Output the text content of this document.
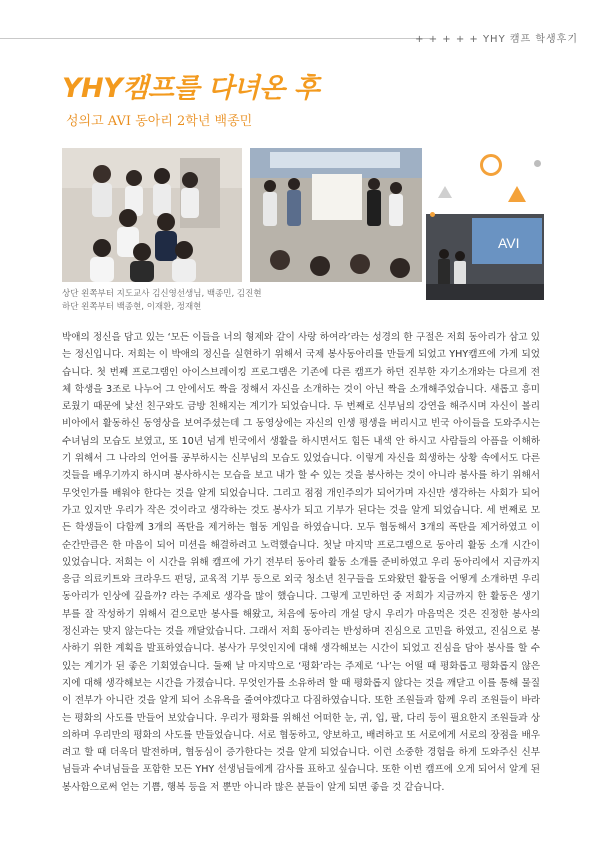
+ + + + + YHY 캠프 학생후기
YHY캠프를 다녀온 후
성의고 AVI 동아리 2학년 백종민
AVI
상단 왼쪽부터 지도교사 김신영선생님, 백종민, 김진현
하단 왼쪽부터 백종현, 이재환, 정재현
박애의 정신을 담고 있는 ‘모든 이들을 너의 형제와 같이 사랑 하여라’라는 성경의 한 구절은 저희 동아리가 삼고 있는 정신입니다. 저희는 이 박애의 정신을 실현하기 위해서 국제 봉사동아리를 만들게 되었고 YHY캠프에 가게 되었습니다. 첫 번째 프로그램인 아이스브레이킹 프로그램은 기존에 다른 캠프가 하던 진부한 자기소개와는 다르게 전체 학생을 3조로 나누어 그 안에서도 짝을 정해서 자신을 소개하는 것이 아닌 짝을 소개해주었습니다. 새롭고 흥미로웠기 때문에 낯선 친구와도 금방 친해지는 계기가 되었습니다. 두 번째로 신부님의 강연을 해주시며 자신이 볼리비아에서 활동하신 동영상을 보여주셨는데 그 동영상에는 자신의 인생 평생을 버리시고 빈국 아이들을 도와주시는 수녀님의 모습도 보였고, 또 10년 넘게 빈국에서 생활을 하시면서도 힘든 내색 안 하시고 사람들의 아픔을 이해하기 위해서 그 나라의 언어를 공부하시는 신부님의 모습도 있었습니다. 이렇게 자신을 희생하는 상황 속에서도 다른 것들을 배우기까지 하시며 봉사하시는 모습을 보고 내가 할 수 있는 것을 봉사하는 것이 아니라 봉사를 하기 위해서 무엇인가를 배워야 한다는 것을 알게 되었습니다. 그리고 점점 개인주의가 되어가며 자신만 생각하는 사회가 되어가고 있지만 우리가 작은 것이라고 생각하는 것도 봉사가 되고 기부가 된다는 것을 알게 되었습니다. 세 번째로 모든 학생들이 다함께 3개의 폭탄을 제거하는 협동 게임을 하였습니다. 모두 협동해서 3개의 폭탄을 제거하였고 이 순간만큼은 한 마음이 되어 미션을 해결하려고 노력했습니다. 첫날 마지막 프로그램으로 동아리 활동 소개 시간이 있었습니다. 저희는 이 시간을 위해 캠프에 가기 전부터 동아리 활동 소개를 준비하였고 우리 동아리에서 지금까지 응급 의료키트와 크라우드 펀딩, 교육적 기부 등으로 외국 청소년 친구들을 도와왔던 활동을 어떻게 소개하면 우리 동아리가 인상에 깊을까? 라는 주제로 생각을 많이 했습니다. 그렇게 고민하던 중 저희가 지금까지 한 활동은 생기부를 잘 작성하기 위해서 겉으로만 봉사를 해왔고, 처음에 동아리 개설 당시 우리가 마음먹은 것은 진정한 봉사의 정신과는 맞지 않는다는 것을 깨달았습니다. 그래서 저희 동아리는 반성하며 진심으로 고민을 하였고, 진심으로 봉사하기 위한 계획을 발표하였습니다. 봉사가 무엇인지에 대해 생각해보는 시간이 되었고 진심을 담아 봉사를 할 수 있는 계기가 된 좋은 기회였습니다. 둘째 날 마지막으로 ‘평화’라는 주제로 ‘나’는 어떨 때 평화롭고 평화롭지 않은지에 대해 생각해보는 시간을 가졌습니다. 무엇인가를 소유하려 할 때 평화롭지 않다는 것을 깨닫고 이를 통해 물질이 전부가 아니란 것을 알게 되어 소유욕을 줄여야겠다고 다짐하였습니다. 또한 조원들과 함께 우리 조원들이 바라는 평화의 사도를 만들어 보았습니다. 우리가 평화를 위해선 어떠한 눈, 귀, 입, 팔, 다리 등이 필요한지 조원들과 상의하며 우리만의 평화의 사도를 만들었습니다. 서로 협동하고, 양보하고, 배려하고 또 서로에게 서로의 장점을 배우려고 할 때 더욱더 발전하며, 협동심이 증가한다는 것을 알게 되었습니다. 이런 소중한 경험을 하게 도와주신 신부님들과 수녀님들을 포함한 모든 YHY 선생님들에게 감사를 표하고 싶습니다. 또한 이번 캠프에 오게 되어서 알게 된 봉사함으로써 얻는 기쁨, 행복 등을 저 뿐만 아니라 많은 분들이 알게 되면 좋을 것 같습니다.
